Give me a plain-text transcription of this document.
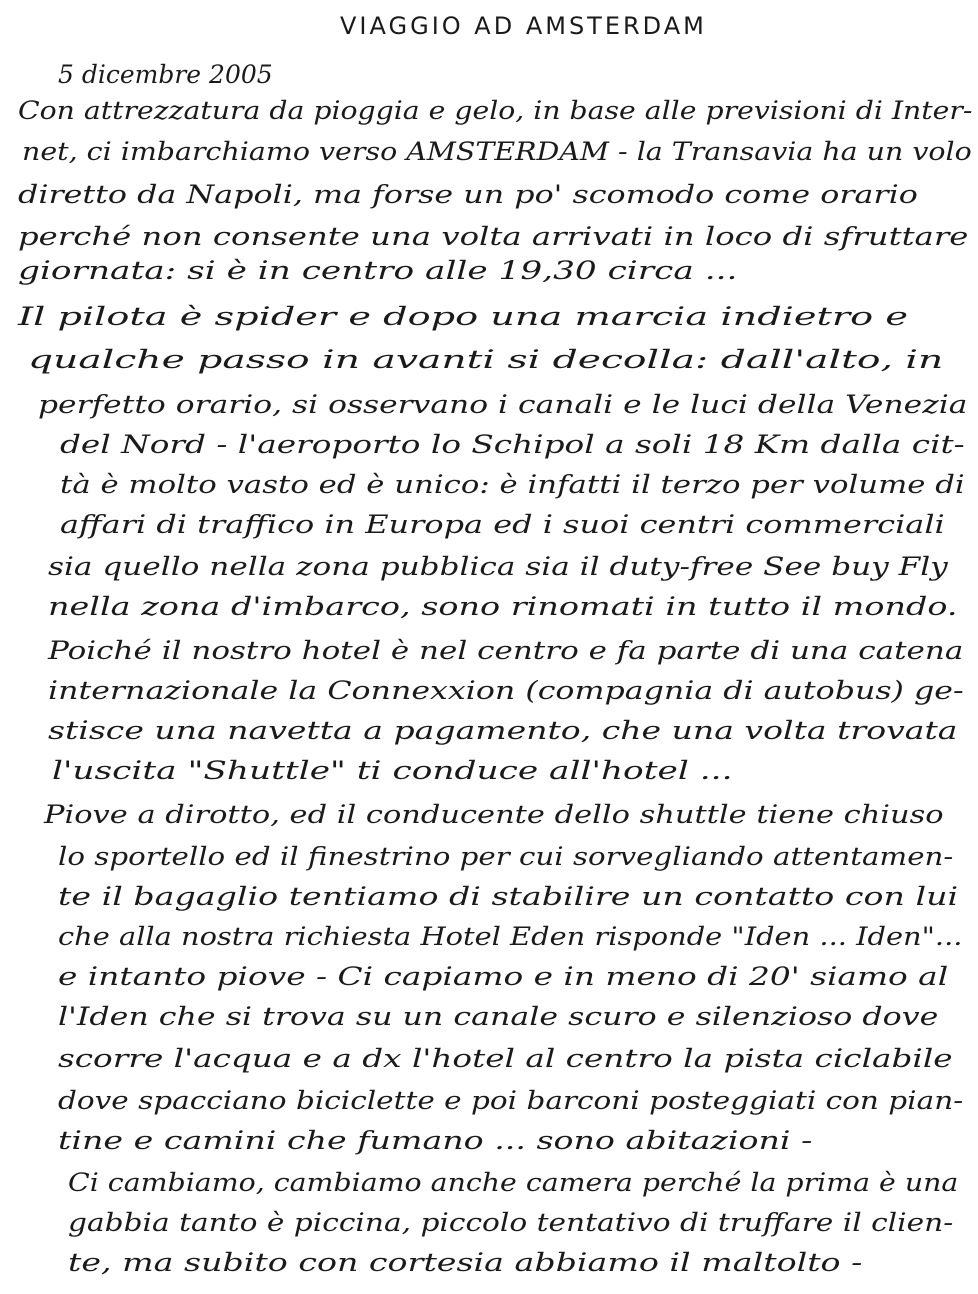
VIAGGIO AD AMSTERDAM
5 dicembre 2005
Con attrezzatura da pioggia e gelo, in base alle previsioni di Inter-
net, ci imbarchiamo verso AMSTERDAM - la Transavia ha un volo
diretto da Napoli, ma forse un po' scomodo come orario
perché non consente una volta arrivati in loco di sfruttare
giornata: si è in centro alle 19,30 circa ...
Il pilota è spider e dopo una marcia indietro e
qualche passo in avanti si decolla: dall'alto, in
perfetto orario, si osservano i canali e le luci della Venezia
del Nord - l'aeroporto lo Schipol a soli 18 Km dalla cit-
tà è molto vasto ed è unico: è infatti il terzo per volume di
affari di traffico in Europa ed i suoi centri commerciali
sia quello nella zona pubblica sia il duty-free See buy Fly
nella zona d'imbarco, sono rinomati in tutto il mondo.
Poiché il nostro hotel è nel centro e fa parte di una catena
internazionale la Connexxion (compagnia di autobus) ge-
stisce una navetta a pagamento, che una volta trovata
l'uscita "Shuttle" ti conduce all'hotel ...
Piove a dirotto, ed il conducente dello shuttle tiene chiuso
lo sportello ed il finestrino per cui sorvegliando attentamen-
te il bagaglio tentiamo di stabilire un contatto con lui
che alla nostra richiesta Hotel Eden risponde "Iden ... Iden"...
e intanto piove - Ci capiamo e in meno di 20' siamo al
l'Iden che si trova su un canale scuro e silenzioso dove
scorre l'acqua e a dx l'hotel al centro la pista ciclabile
dove spacciano biciclette e poi barconi posteggiati con pian-
tine e camini che fumano ... sono abitazioni -
Ci cambiamo, cambiamo anche camera perché la prima è una
gabbia tanto è piccina, piccolo tentativo di truffare il clien-
te, ma subito con cortesia abbiamo il maltolto -
